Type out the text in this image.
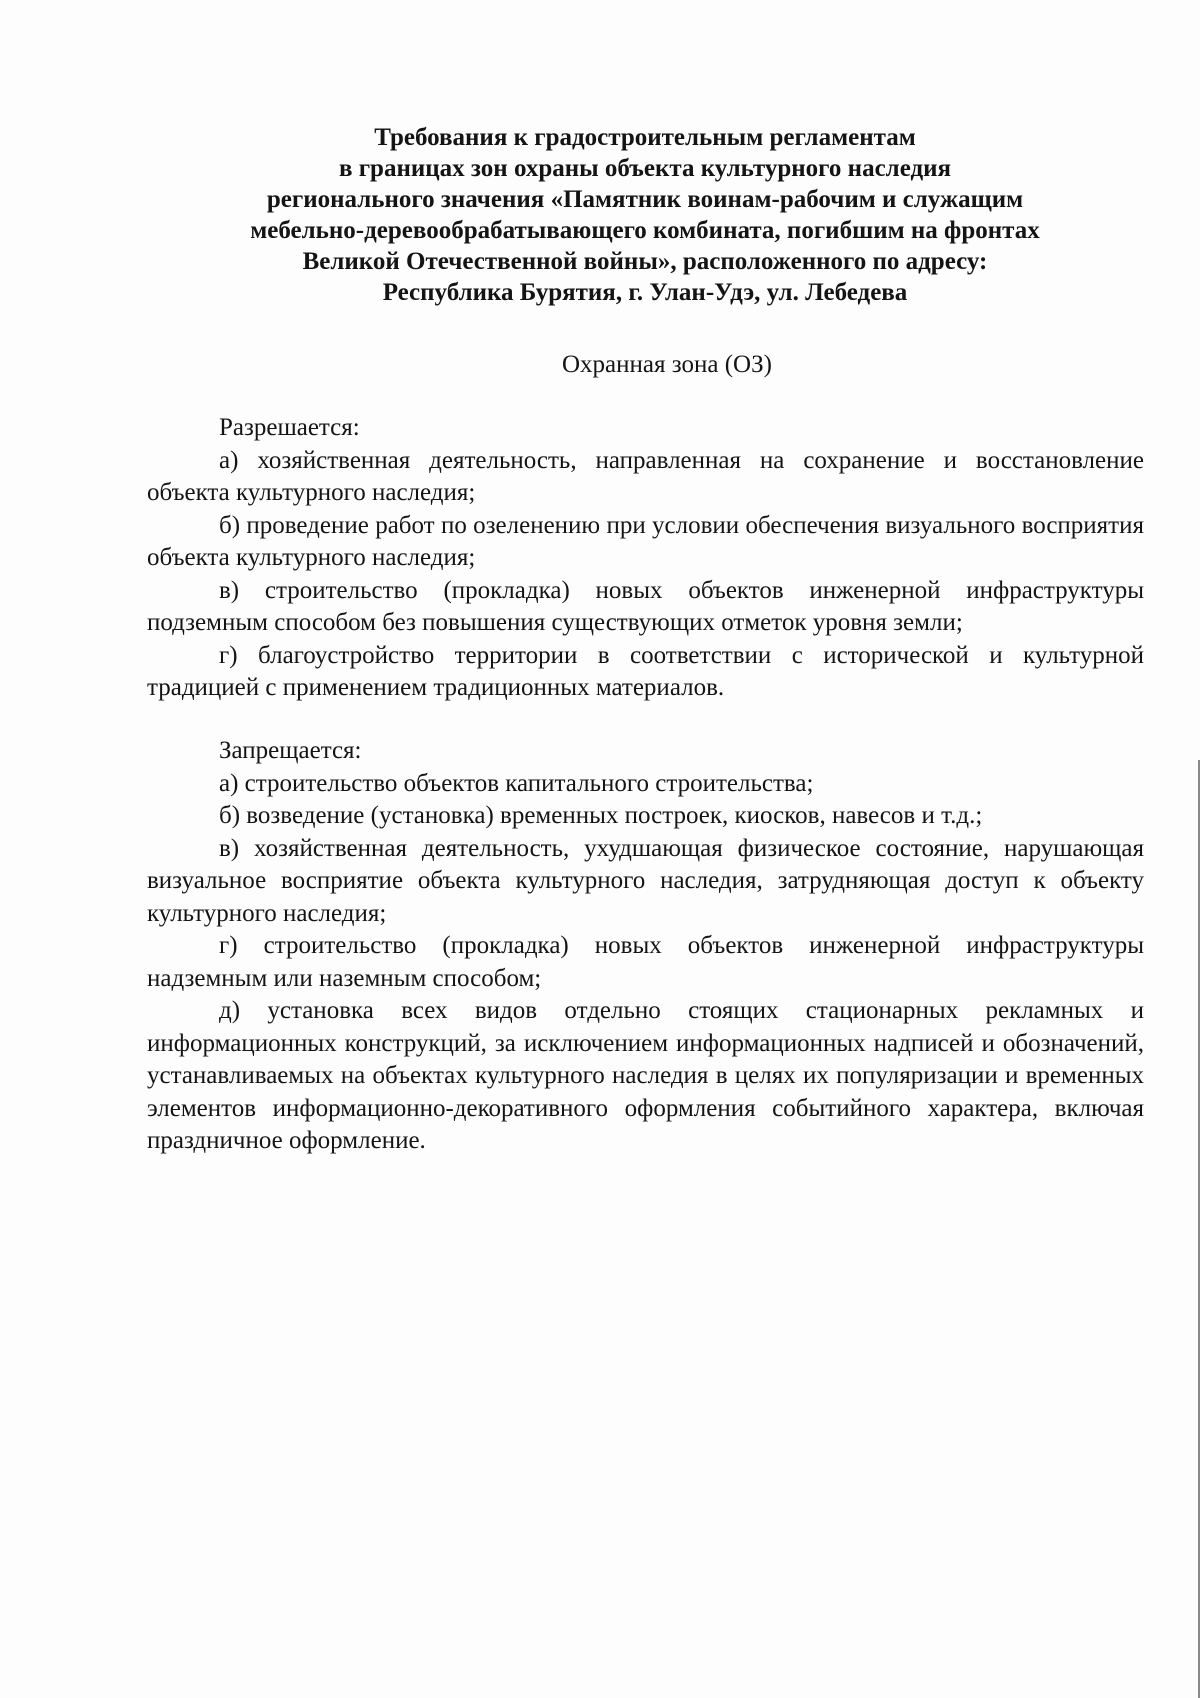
Требования к градостроительным регламентам
в границах зон охраны объекта культурного наследия
регионального значения «Памятник воинам-рабочим и служащим
мебельно-деревообрабатывающего комбината, погибшим на фронтах
Великой Отечественной войны», расположенного по адресу:
Республика Бурятия, г. Улан-Удэ, ул. Лебедева
Охранная зона (ОЗ)
Разрешается:

а) хозяйственная деятельность, направленная на сохранение и восстановление объекта культурного наследия;

б) проведение работ по озеленению при условии обеспечения визуального восприятия объекта культурного наследия;

в) строительство (прокладка) новых объектов инженерной инфраструктуры подземным способом без повышения существующих отметок уровня земли;

г) благоустройство территории в соответствии с исторической и культурной традицией с применением традиционных материалов.

Запрещается:

а) строительство объектов капитального строительства;

б) возведение (установка) временных построек, киосков, навесов и т.д.;

в) хозяйственная деятельность, ухудшающая физическое состояние, нарушающая визуальное восприятие объекта культурного наследия, затрудняющая доступ к объекту культурного наследия;

г) строительство (прокладка) новых объектов инженерной инфраструктуры надземным или наземным способом;

д) установка всех видов отдельно стоящих стационарных рекламных и информационных конструкций, за исключением информационных надписей и обозначений, устанавливаемых на объектах культурного наследия в целях их популяризации и временных элементов информационно-декоративного оформления событийного характера, включая праздничное оформление.
